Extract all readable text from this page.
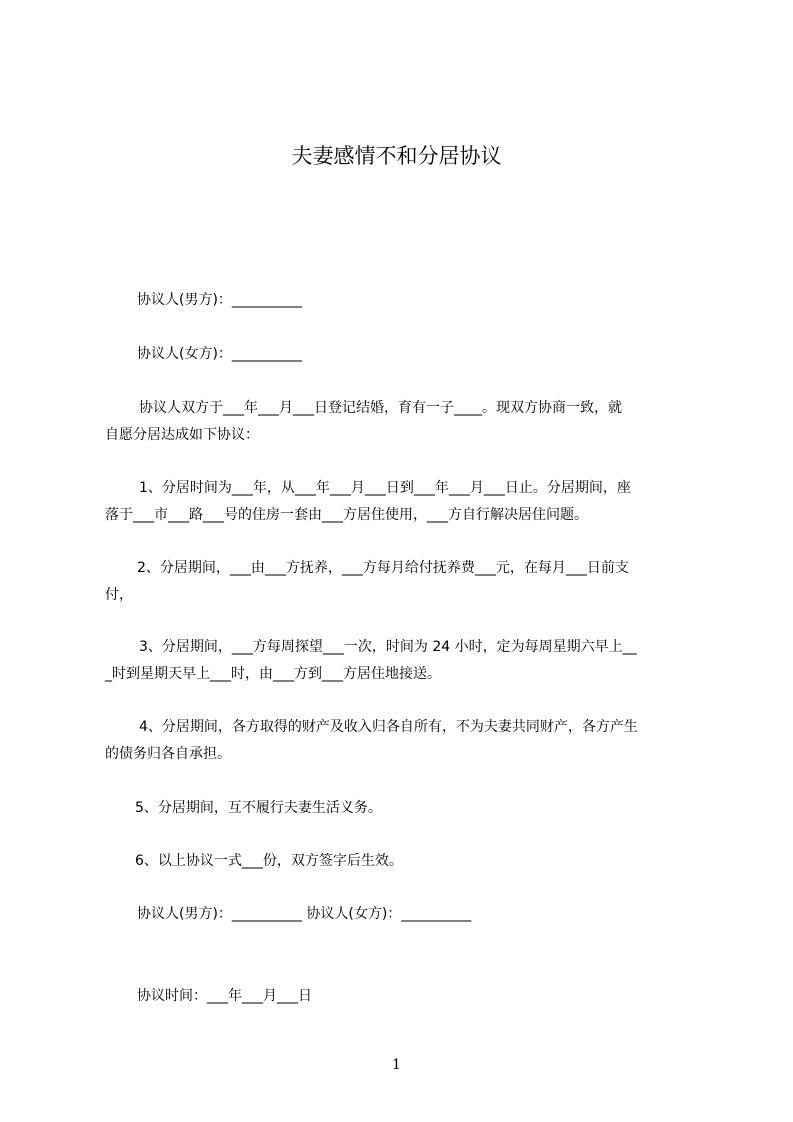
夫妻感情不和分居协议
协议人(男方)：__________
协议人(女方)：__________
协议人双方于___年___月___日登记结婚，育有一子____。现双方协商一致，就
自愿分居达成如下协议：
1、分居时间为___年，从___年___月___日到___年___月___日止。分居期间，座
落于___市___路___号的住房一套由___方居住使用，___方自行解决居住问题。
2、分居期间，___由___方抚养，___方每月给付抚养费___元，在每月___日前支
付，
3、分居期间，___方每周探望___一次，时间为 24 小时，定为每周星期六早上__
_时到星期天早上___时，由___方到___方居住地接送。
4、分居期间，各方取得的财产及收入归各自所有，不为夫妻共同财产，各方产生
的债务归各自承担。
5、分居期间，互不履行夫妻生活义务。
6、以上协议一式___份，双方签字后生效。
协议人(男方)：__________ 协议人(女方)：__________
协议时间：___年___月___日
1
